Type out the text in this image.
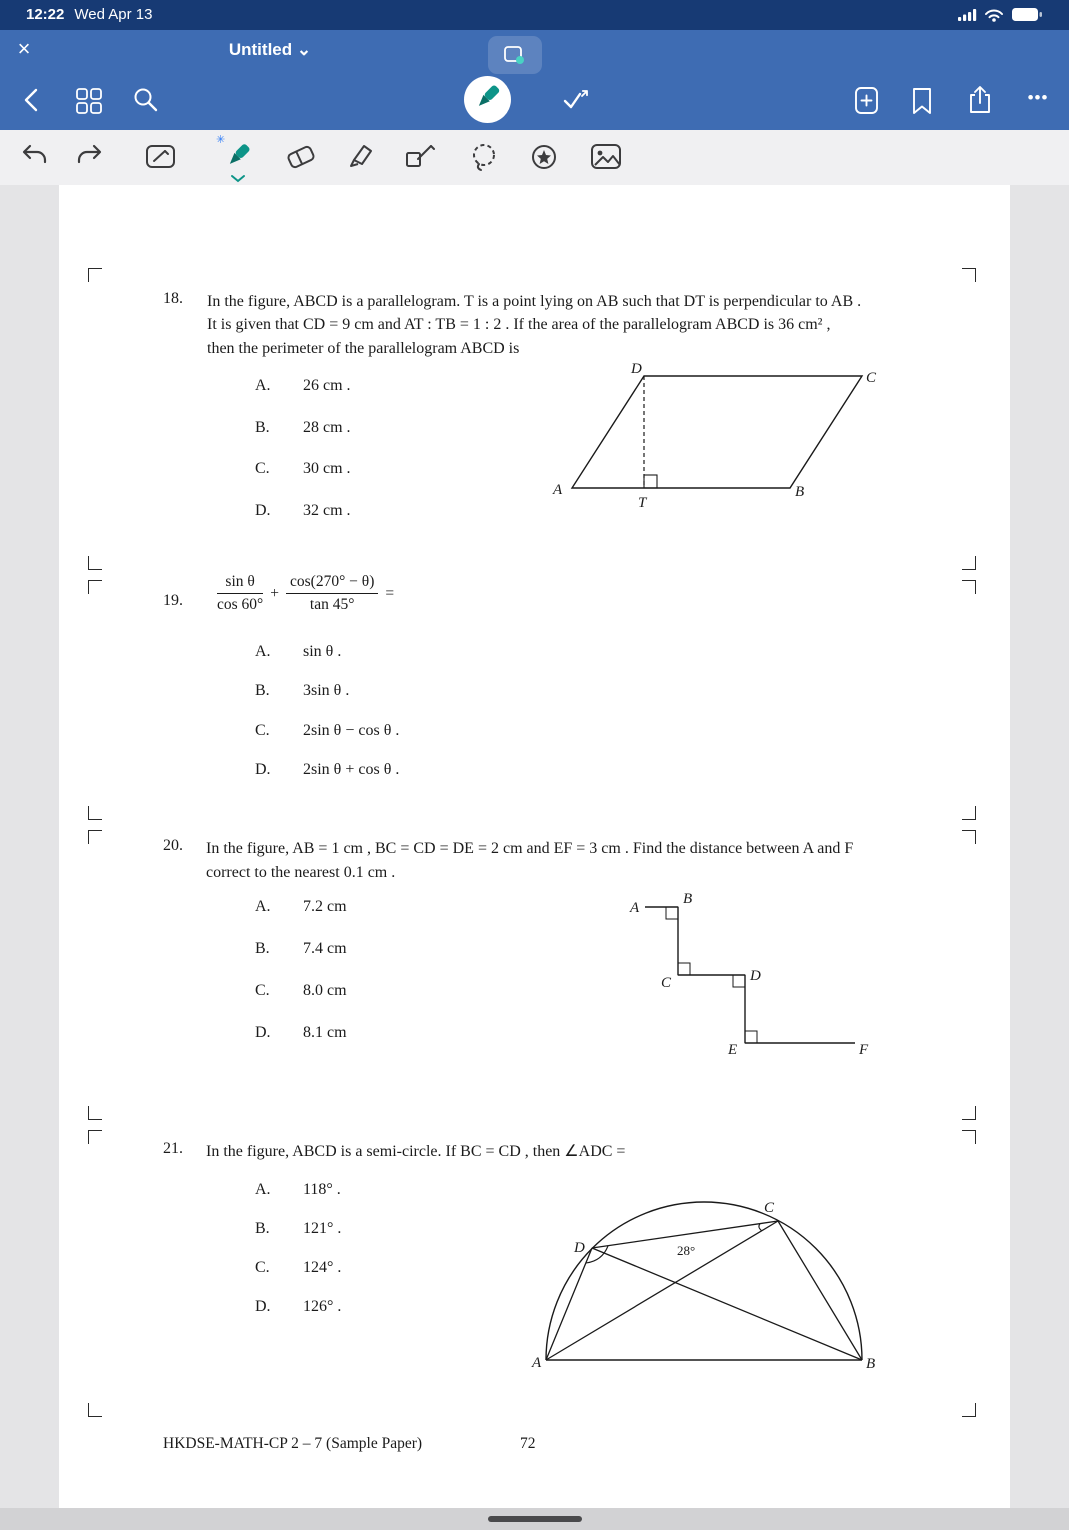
12:22 Wed Apr 13
×	Untitled ⌄
•••
✳
18. In the figure, ABCD is a parallelogram. T is a point lying on AB such that DT is perpendicular to AB .
It is given that CD = 9 cm and AT : TB = 1 : 2 . If the area of the parallelogram ABCD is 36 cm² ,
then the perimeter of the parallelogram ABCD is
A. 26 cm .
B. 28 cm .
C. 30 cm .
D. 32 cm .
D
C
A	B
T
19. $\frac{\text{sin θ}}{\cos 60^\circ} + \frac{\cos(270^\circ - \theta)}{\tan 45^\circ}$ =
A. sin θ .
B. 3sin θ .
C. 2sin θ − cos θ .
D. 2sin θ + cos θ .
20. In the figure, AB = 1 cm , BC = CD = DE = 2 cm and EF = 3 cm . Find the distance between A and F
correct to the nearest 0.1 cm .
A. 7.2 cm
B. 7.4 cm
C. 8.0 cm
D. 8.1 cm
A
B
C	D
E	F
21. In the figure, ABCD is a semi-circle. If BC = CD , then ∠ADC =
A. 118° .
B. 121° .
C. 124° .
D. 126° .
28°
A	B
C
D
HKDSE-MATH-CP 2 – 7 (Sample Paper)	72
